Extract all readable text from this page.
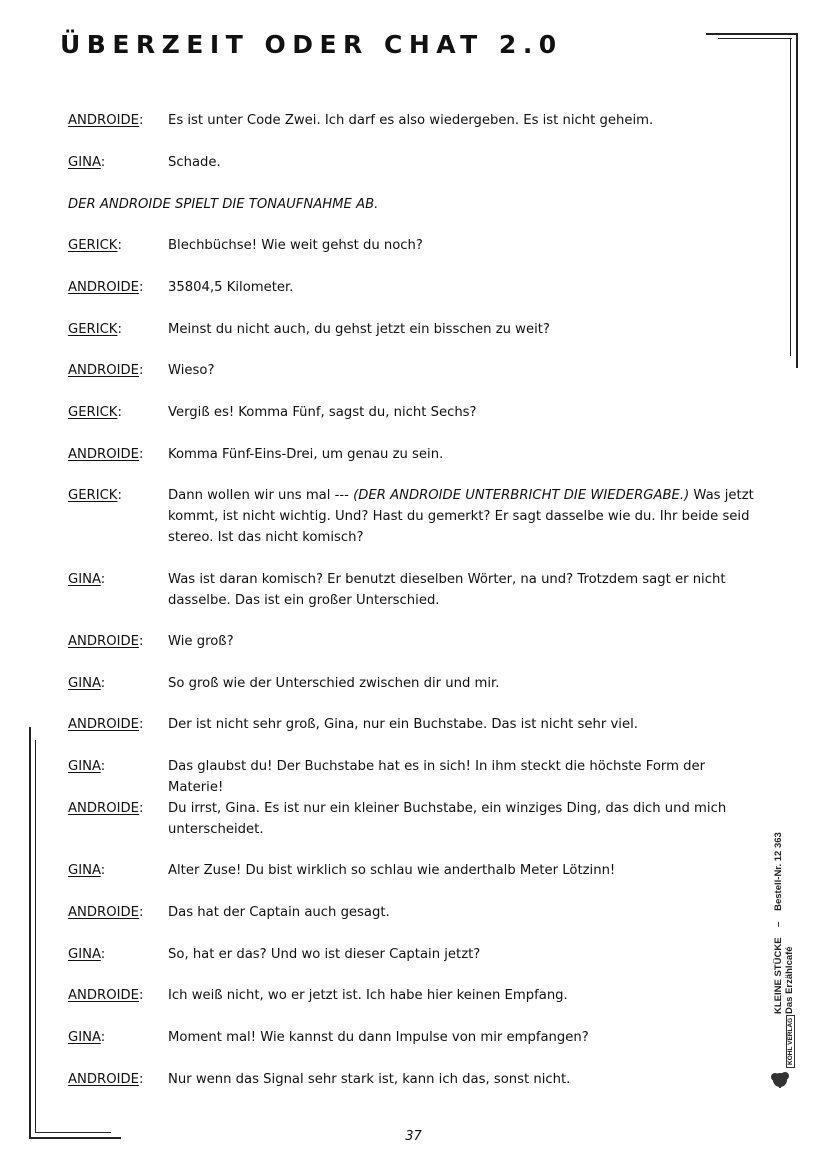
ÜBERZEIT ODER CHAT 2.0
ANDROIDE: Es ist unter Code Zwei. Ich darf es also wiedergeben. Es ist nicht geheim.
GINA:	Schade.
DER ANDROIDE SPIELT DIE TONAUFNAHME AB.
GERICK:	Blechbüchse! Wie weit gehst du noch?
ANDROIDE: 35804,5 Kilometer.
GERICK:	Meinst du nicht auch, du gehst jetzt ein bisschen zu weit?
ANDROIDE: Wieso?
GERICK:	Vergiß es! Komma Fünf, sagst du, nicht Sechs?
ANDROIDE: Komma Fünf-Eins-Drei, um genau zu sein.
GERICK:	Dann wollen wir uns mal --- (DER ANDROIDE UNTERBRICHT DIE WIEDERGABE.) Was jetzt kommt, ist nicht wichtig. Und? Hast du gemerkt? Er sagt dasselbe wie du. Ihr beide seid stereo. Ist das nicht komisch?
GINA:	Was ist daran komisch? Er benutzt dieselben Wörter, na und? Trotzdem sagt er nicht dasselbe. Das ist ein großer Unterschied.
ANDROIDE: Wie groß?
GINA:	So groß wie der Unterschied zwischen dir und mir.
ANDROIDE: Der ist nicht sehr groß, Gina, nur ein Buchstabe. Das ist nicht sehr viel.
GINA:	Das glaubst du! Der Buchstabe hat es in sich! In ihm steckt die höchste Form der Materie!
ANDROIDE: Du irrst, Gina. Es ist nur ein kleiner Buchstabe, ein winziges Ding, das dich und mich unterscheidet.
GINA:	Alter Zuse! Du bist wirklich so schlau wie anderthalb Meter Lötzinn!
ANDROIDE: Das hat der Captain auch gesagt.
GINA:	So, hat er das? Und wo ist dieser Captain jetzt?
ANDROIDE: Ich weiß nicht, wo er jetzt ist. Ich habe hier keinen Empfang.
GINA:	Moment mal! Wie kannst du dann Impulse von mir empfangen?
ANDROIDE: Nur wenn das Signal sehr stark ist, kann ich das, sonst nicht.
37
KLEINE STÜCKE – Bestell-Nr. 12 363
Das Erzählcafé
KOHL VERLAG
